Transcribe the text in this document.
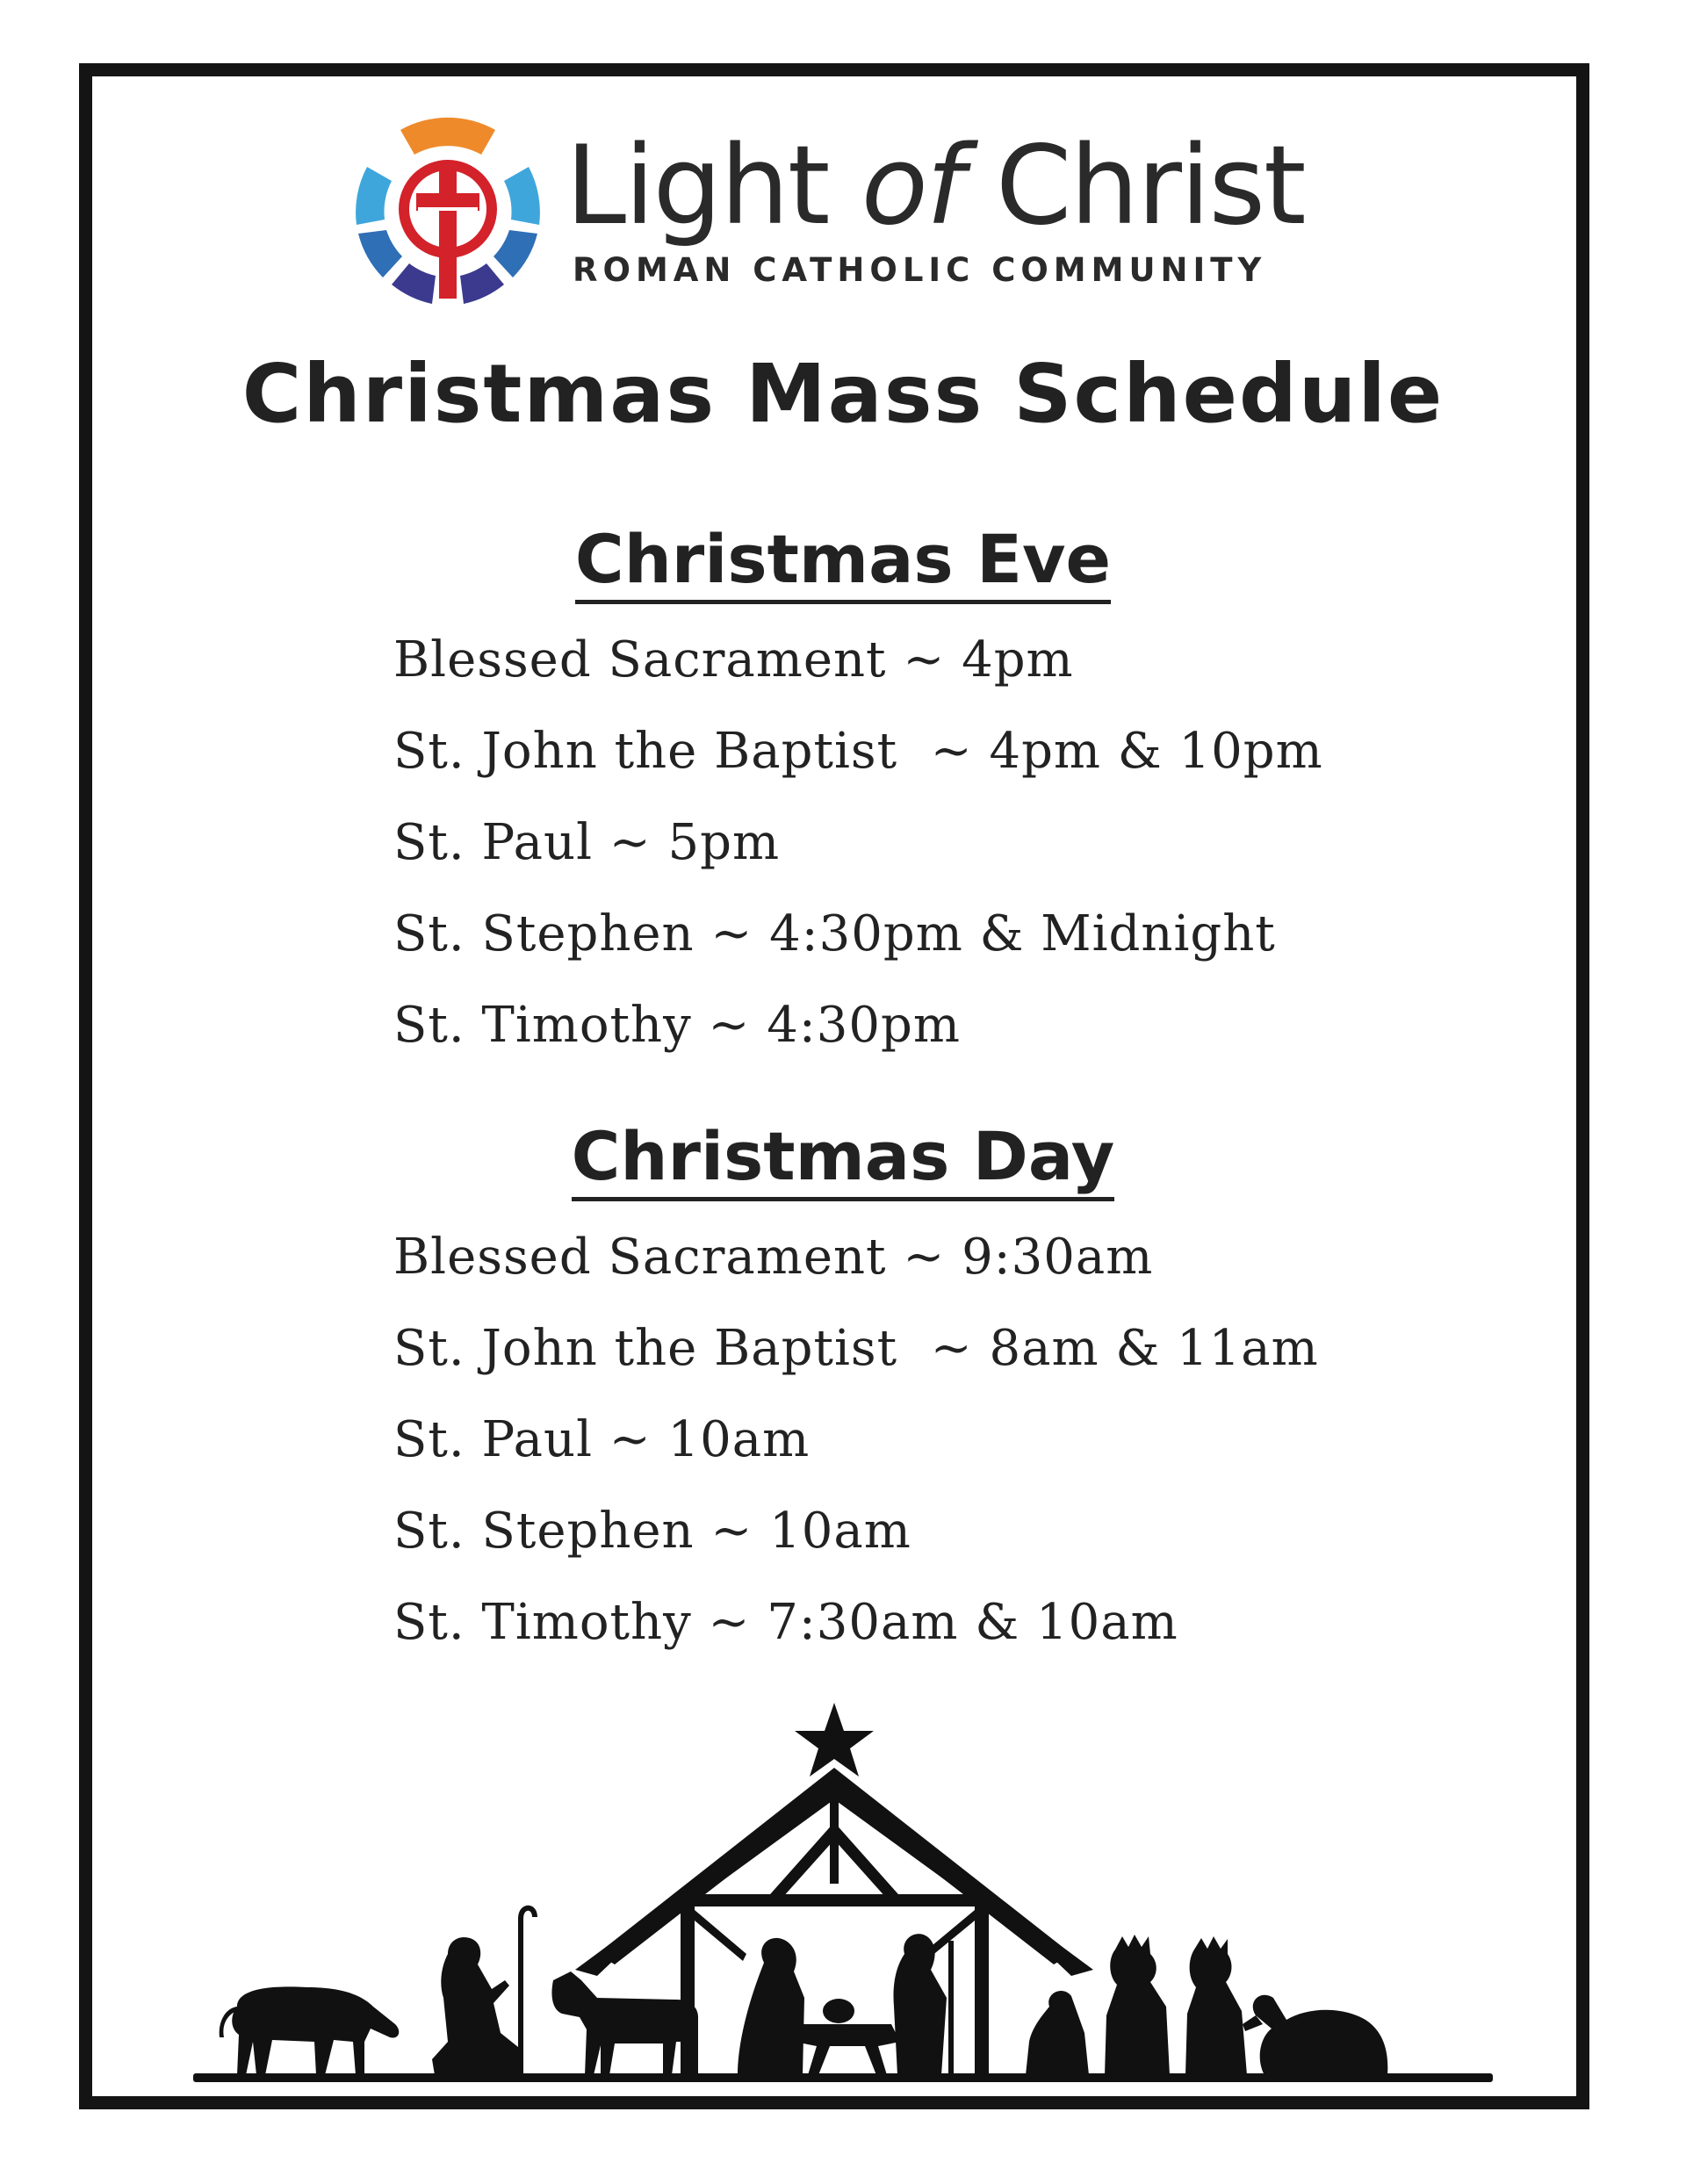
Light of Christ
ROMAN CATHOLIC COMMUNITY
Christmas Mass Schedule
Christmas Eve
Blessed Sacrament ~ 4pm
St. John the Baptist  ~ 4pm & 10pm
St. Paul ~ 5pm
St. Stephen ~ 4:30pm & Midnight
St. Timothy ~ 4:30pm
Christmas Day
Blessed Sacrament ~ 9:30am
St. John the Baptist  ~ 8am & 11am
St. Paul ~ 10am
St. Stephen ~ 10am
St. Timothy ~ 7:30am & 10am
